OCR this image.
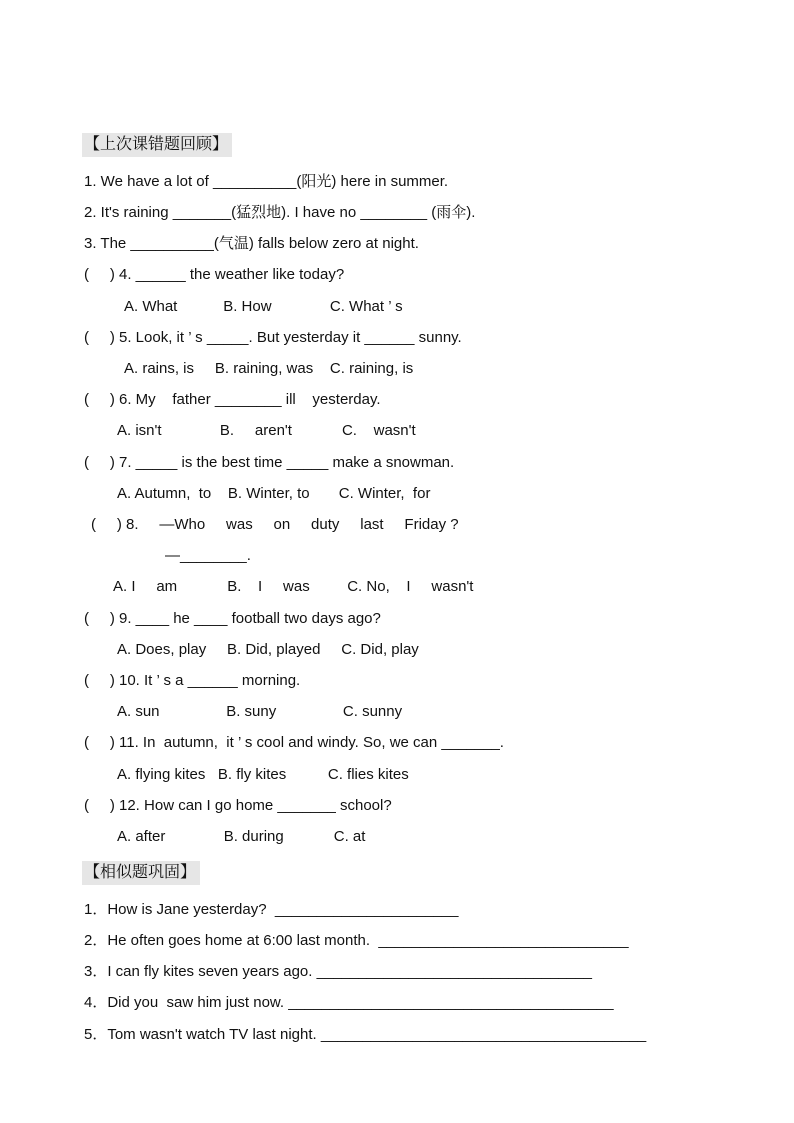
【上次课错题回顾】
1. We have a lot of __________(阳光) here in summer.
2. It's raining _______(猛烈地). I have no ________ (雨伞).
3. The __________(气温) falls below zero at night.
(     ) 4. ______ the weather like today?
A. What           B. How              C. What ’ s
(     ) 5. Look, it ’ s _____. But yesterday it ______ sunny.
A. rains, is     B. raining, was    C. raining, is
(     ) 6. My    father ________ ill    yesterday.
A. isn't              B.     aren't            C.    wasn't
(     ) 7. _____ is the best time _____ make a snowman.
A. Autumn,  to    B. Winter, to       C. Winter,  for
(     ) 8.     —Who     was     on     duty     last     Friday ?
—________.
A. I     am            B.    I     was         C. No,    I     wasn't
(     ) 9. ____ he ____ football two days ago?
A. Does, play     B. Did, played     C. Did, play
(     ) 10. It ’ s a ______ morning.
A. sun                B. suny                C. sunny
(     ) 11. In  autumn,  it ’ s cool and windy. So, we can _______.
A. flying kites   B. fly kites          C. flies kites
(     ) 12. How can I go home _______ school?
A. after              B. during            C. at
【相似题巩固】
1．How is Jane yesterday?  ______________________
2．He often goes home at 6:00 last month.  ______________________________
3．I can fly kites seven years ago. _________________________________
4．Did you  saw him just now. _______________________________________
5．Tom wasn't watch TV last night. _______________________________________
